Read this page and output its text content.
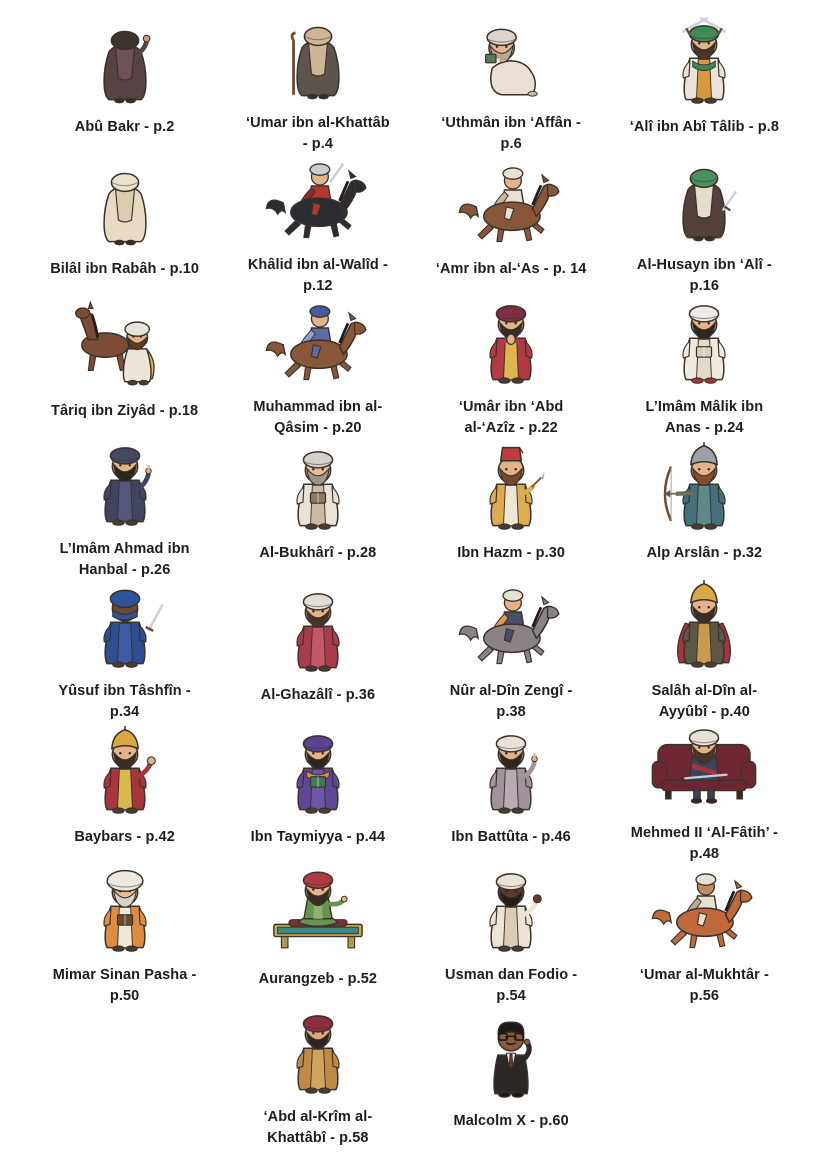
Abû Bakr - p.2	‘Umar ibn al-Khattâb - p.4
‘Uthmân ibn ‘Affân - p.6
‘Alî ibn Abî Tâlib - p.8
Bilâl ibn Rabâh - p.10	Khâlid ibn al-Walîd - p.12
‘Amr ibn al-‘As - p. 14	Al-Husayn ibn ‘Alî - p.16
Târiq ibn Ziyâd - p.18	Muhammad ibn al-Qâsim - p.20
‘Umâr ibn ‘Abd al-‘Azîz - p.22
L’Imâm Mâlik ibn Anas - p.24
L’Imâm Ahmad ibn Hanbal - p.26
Al-Bukhârî - p.28	Ibn Hazm - p.30	Alp Arslân - p.32
Yûsuf ibn Tâshfîn - p.34
Al-Ghazâlî - p.36	Nûr al-Dîn Zengî - p.38
Salâh al-Dîn al-Ayyûbî - p.40
Baybars - p.42	Ibn Taymiyya - p.44	Ibn Battûta - p.46	Mehmed II ‘Al-Fâtih’ - p.48
Mimar Sinan Pasha - p.50
Aurangzeb - p.52	Usman dan Fodio - p.54
‘Umar al-Mukhtâr - p.56
‘Abd al-Krîm al-Khattâbî - p.58
Malcolm X - p.60
